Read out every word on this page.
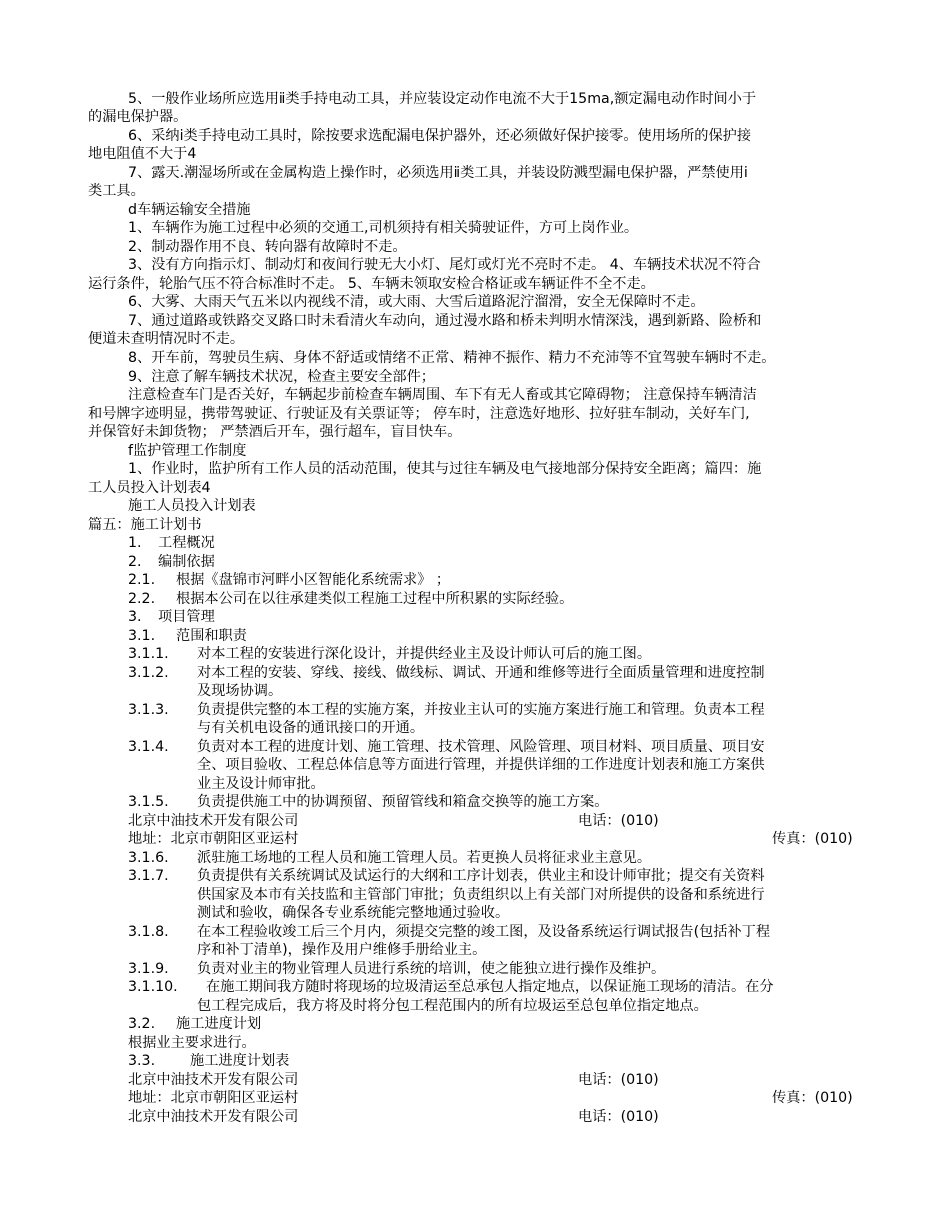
5、一般作业场所应选用ⅱ类手持电动工具，并应装设定动作电流不大于15ma,额定漏电动作时间小于
的漏电保护器。
6、采纳ⅰ类手持电动工具时，除按要求选配漏电保护器外，还必须做好保护接零。使用场所的保护接
地电阻值不大于4
7、露天.潮湿场所或在金属构造上操作时，必须选用ⅱ类工具，并装设防溅型漏电保护器，严禁使用ⅰ
类工具。
d车辆运输安全措施
1、车辆作为施工过程中必须的交通工,司机须持有相关骑驶证件，方可上岗作业。
2、制动器作用不良、转向器有故障时不走。
3、没有方向指示灯、制动灯和夜间行驶无大小灯、尾灯或灯光不亮时不走。 4、车辆技术状况不符合
运行条件，轮胎气压不符合标准时不走。 5、车辆未领取安检合格证或车辆证件不全不走。
6、大雾、大雨天气五米以内视线不清，或大雨、大雪后道路泥泞溜滑，安全无保障时不走。
7、通过道路或铁路交叉路口时未看清火车动向，通过漫水路和桥未判明水情深浅，遇到新路、险桥和
便道未查明情况时不走。
8、开车前，驾驶员生病、身体不舒适或情绪不正常、精神不振作、精力不充沛等不宜驾驶车辆时不走。
9、注意了解车辆技术状况，检查主要安全部件；
注意检查车门是否关好，车辆起步前检查车辆周围、车下有无人畜或其它障碍物； 注意保持车辆清洁
和号牌字迹明显，携带驾驶证、行驶证及有关票证等； 停车时，注意选好地形、拉好驻车制动，关好车门,
并保管好未卸货物； 严禁酒后开车，强行超车，盲目快车。
f监护管理工作制度
1、作业时，监护所有工作人员的活动范围，使其与过往车辆及电气接地部分保持安全距离；篇四：施
工人员投入计划表4
施工人员投入计划表
篇五：施工计划书
1. 工程概况
2. 编制依据
2.1. 根据《盘锦市河畔小区智能化系统需求》 ；
2.2. 根据本公司在以往承建类似工程施工过程中所积累的实际经验。
3. 项目管理
3.1. 范围和职责
3.1.1. 对本工程的安装进行深化设计，并提供经业主及设计师认可后的施工图。
3.1.2. 对本工程的安装、穿线、接线、做线标、调试、开通和维修等进行全面质量管理和进度控制
及现场协调。
3.1.3. 负责提供完整的本工程的实施方案，并按业主认可的实施方案进行施工和管理。负责本工程
与有关机电设备的通讯接口的开通。
3.1.4. 负责对本工程的进度计划、施工管理、技术管理、风险管理、项目材料、项目质量、项目安
全、项目验收、工程总体信息等方面进行管理，并提供详细的工作进度计划表和施工方案供
业主及设计师审批。
3.1.5. 负责提供施工中的协调预留、预留管线和箱盒交换等的施工方案。
北京中油技术开发有限公司	电话：(010)
地址：北京市朝阳区亚运村	传真：(010)
3.1.6. 派驻施工场地的工程人员和施工管理人员。若更换人员将征求业主意见。
3.1.7. 负责提供有关系统调试及试运行的大纲和工序计划表，供业主和设计师审批；提交有关资料
供国家及本市有关技监和主管部门审批；负责组织以上有关部门对所提供的设备和系统进行
测试和验收，确保各专业系统能完整地通过验收。
3.1.8. 在本工程验收竣工后三个月内，须提交完整的竣工图，及设备系统运行调试报告(包括补丁程
序和补丁清单)，操作及用户维修手册给业主。
3.1.9. 负责对业主的物业管理人员进行系统的培训，使之能独立进行操作及维护。
3.1.10. 在施工期间我方随时将现场的垃圾清运至总承包人指定地点，以保证施工现场的清洁。在分
包工程完成后，我方将及时将分包工程范围内的所有垃圾运至总包单位指定地点。
3.2. 施工进度计划
根据业主要求进行。
3.3. 施工进度计划表
北京中油技术开发有限公司	电话：(010)
地址：北京市朝阳区亚运村	传真：(010)
北京中油技术开发有限公司	电话：(010)
